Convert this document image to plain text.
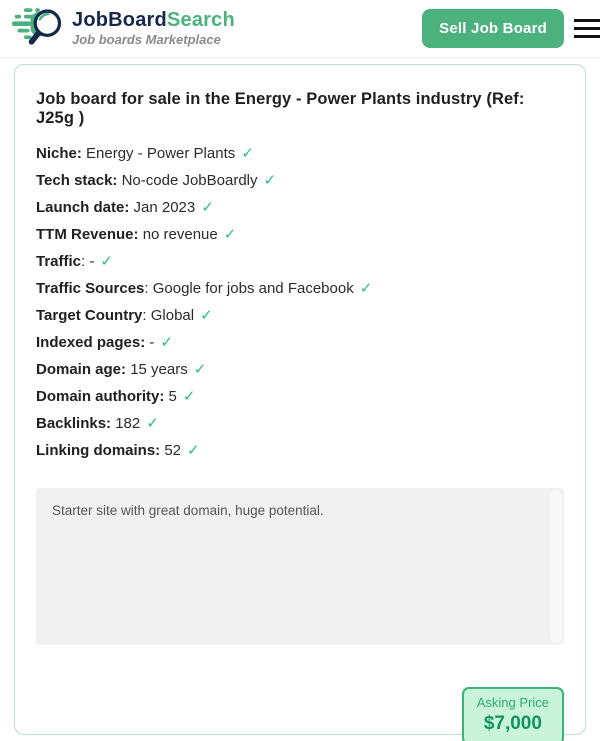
JobBoardSearch
Job boards Marketplace
Sell Job Board
Job board for sale in the Energy - Power Plants industry (Ref: J25g )
Niche: Energy - Power Plants ✓
Tech stack: No-code JobBoardly ✓
Launch date: Jan 2023 ✓
TTM Revenue: no revenue ✓
Traffic: - ✓
Traffic Sources: Google for jobs and Facebook ✓
Target Country: Global ✓
Indexed pages: - ✓
Domain age: 15 years ✓
Domain authority: 5 ✓
Backlinks: 182 ✓
Linking domains: 52 ✓
Starter site with great domain, huge potential.
Asking Price
$7,000
